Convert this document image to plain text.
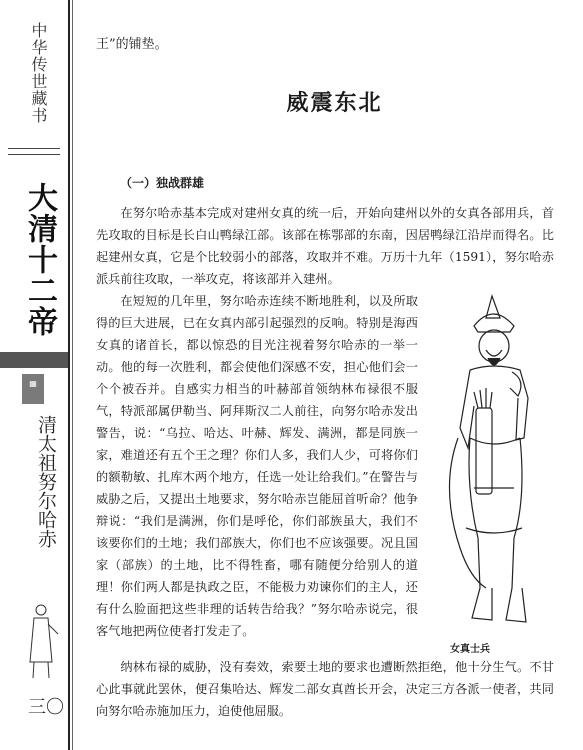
中华传世藏书
大清十二帝
▦
清太祖努尔哈赤
三〇
王”的铺垫。
威震东北
（一）独战群雄

在努尔哈赤基本完成对建州女真的统一后，开始向建州以外的女真各部用兵，首先攻取的目标是长白山鸭绿江部。该部在栋鄂部的东南，因居鸭绿江沿岸而得名。比起建州女真，它是个比较弱小的部落，攻取并不难。万历十九年（1591），努尔哈赤派兵前往攻取，一举攻克，将该部并入建州。

在短短的几年里，努尔哈赤连续不断地胜利，以及所取得的巨大进展，已在女真内部引起强烈的反响。特别是海西女真的诸首长，都以惊恐的目光注视着努尔哈赤的一举一动。他的每一次胜利，都会使他们深感不安，担心他们会一个个被吞并。自感实力相当的叶赫部首领纳林布禄很不服气，特派部属伊勒当、阿拜斯汉二人前往，向努尔哈赤发出警告，说：“乌拉、哈达、叶赫、辉发、满洲，都是同族一家，难道还有五个王之理？你们人多，我们人少，可将你们的额勒敏、扎库木两个地方，任选一处让给我们。”在警告与威胁之后，又提出土地要求，努尔哈赤岂能屈首听命？他争辩说：“我们是满洲，你们是呼伦，你们部族虽大，我们不该要你们的土地；我们部族大，你们也不应该强要。况且国家（部族）的土地，比不得牲畜，哪有随便分给别人的道理！你们两人都是执政之臣，不能极力劝谏你们的主人，还有什么脸面把这些非理的话转告给我？”努尔哈赤说完，很客气地把两位使者打发走了。

女真士兵

纳林布禄的威胁，没有奏效，索要土地的要求也遭断然拒绝，他十分生气。不甘心此事就此罢休，便召集哈达、辉发二部女真酋长开会，决定三方各派一使者，共同向努尔哈赤施加压力，迫使他屈服。
